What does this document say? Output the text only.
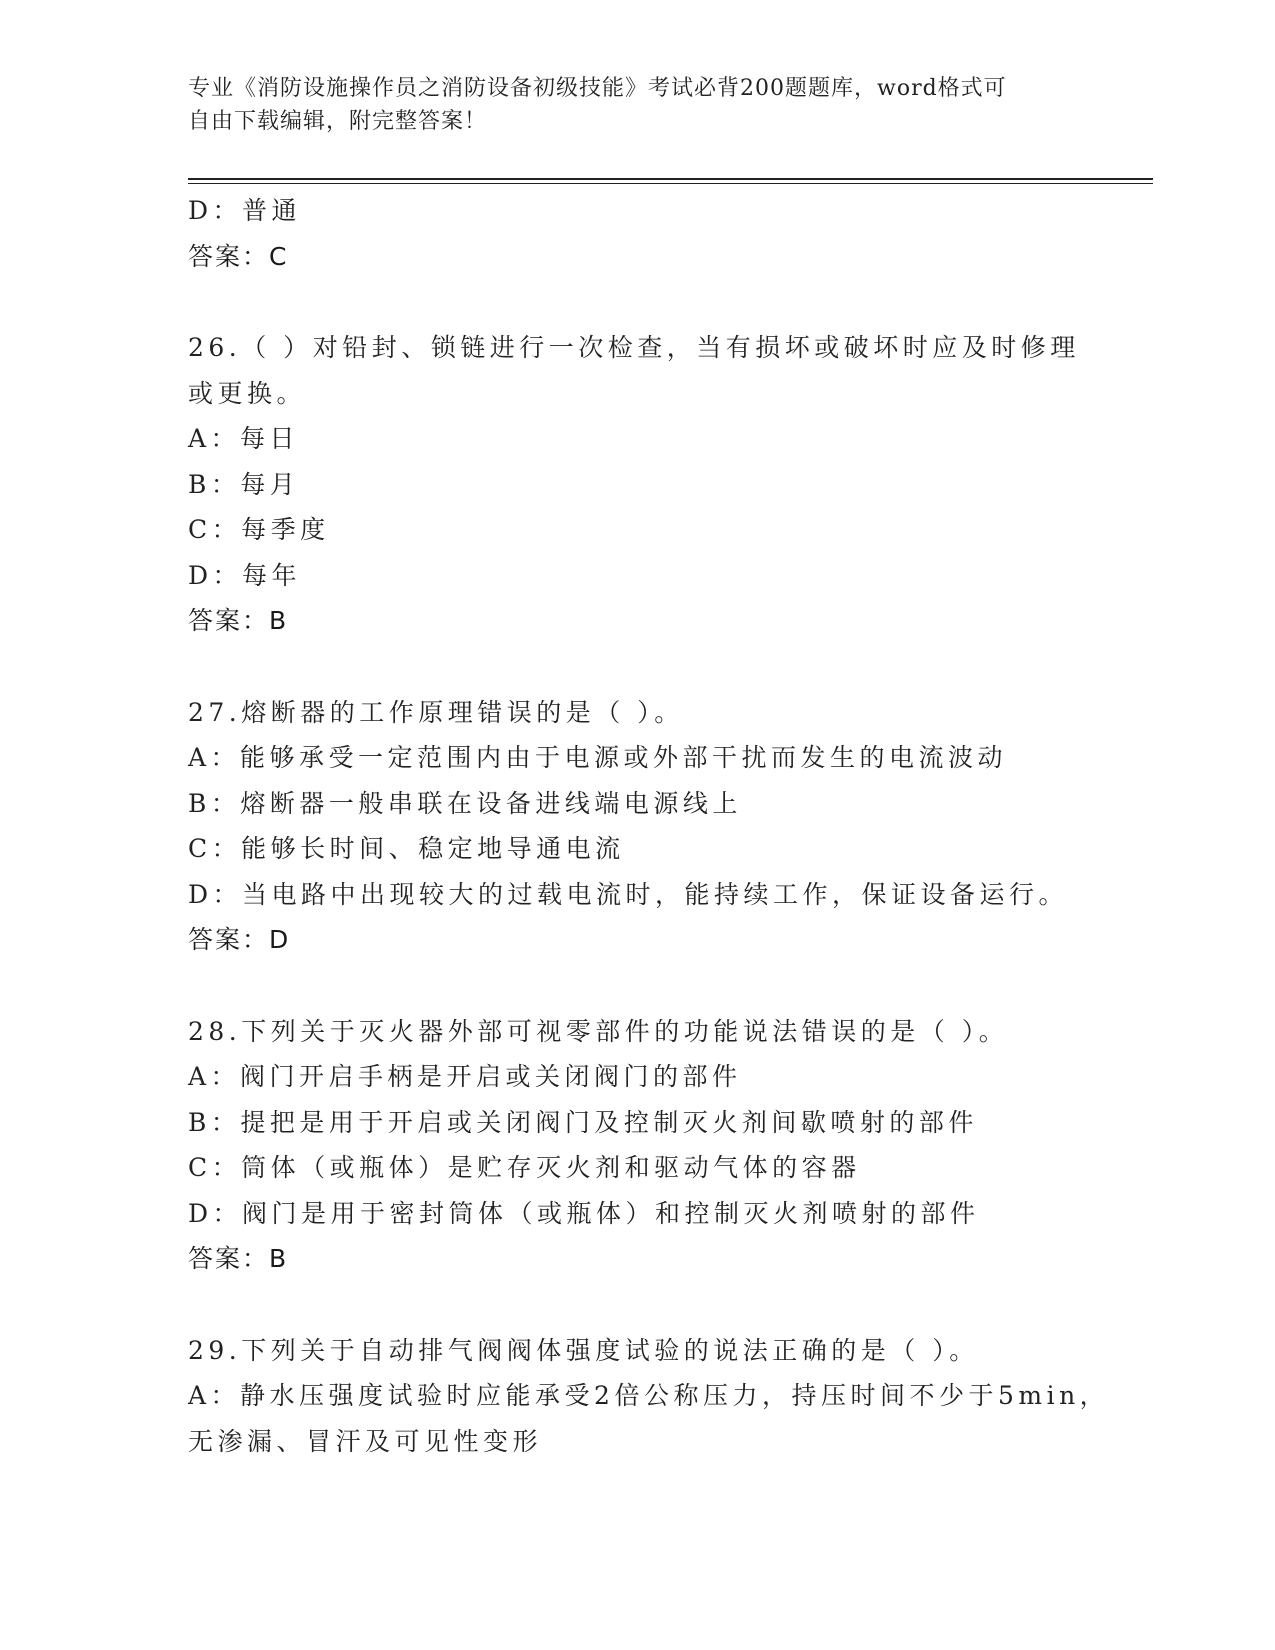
专业《消防设施操作员之消防设备初级技能》考试必背200题题库，word格式可
自由下载编辑，附完整答案！
D：普通
答案：C
26.（ ）对铅封、锁链进行一次检查，当有损坏或破坏时应及时修理
或更换。
A：每日
B：每月
C：每季度
D：每年
答案：B
27.熔断器的工作原理错误的是（ ）。
A：能够承受一定范围内由于电源或外部干扰而发生的电流波动
B：熔断器一般串联在设备进线端电源线上
C：能够长时间、稳定地导通电流
D：当电路中出现较大的过载电流时，能持续工作，保证设备运行。
答案：D
28.下列关于灭火器外部可视零部件的功能说法错误的是（ ）。
A：阀门开启手柄是开启或关闭阀门的部件
B：提把是用于开启或关闭阀门及控制灭火剂间歇喷射的部件
C：筒体（或瓶体）是贮存灭火剂和驱动气体的容器
D：阀门是用于密封筒体（或瓶体）和控制灭火剂喷射的部件
答案：B
29.下列关于自动排气阀阀体强度试验的说法正确的是（ ）。
A：静水压强度试验时应能承受2倍公称压力，持压时间不少于5min，
无渗漏、冒汗及可见性变形
